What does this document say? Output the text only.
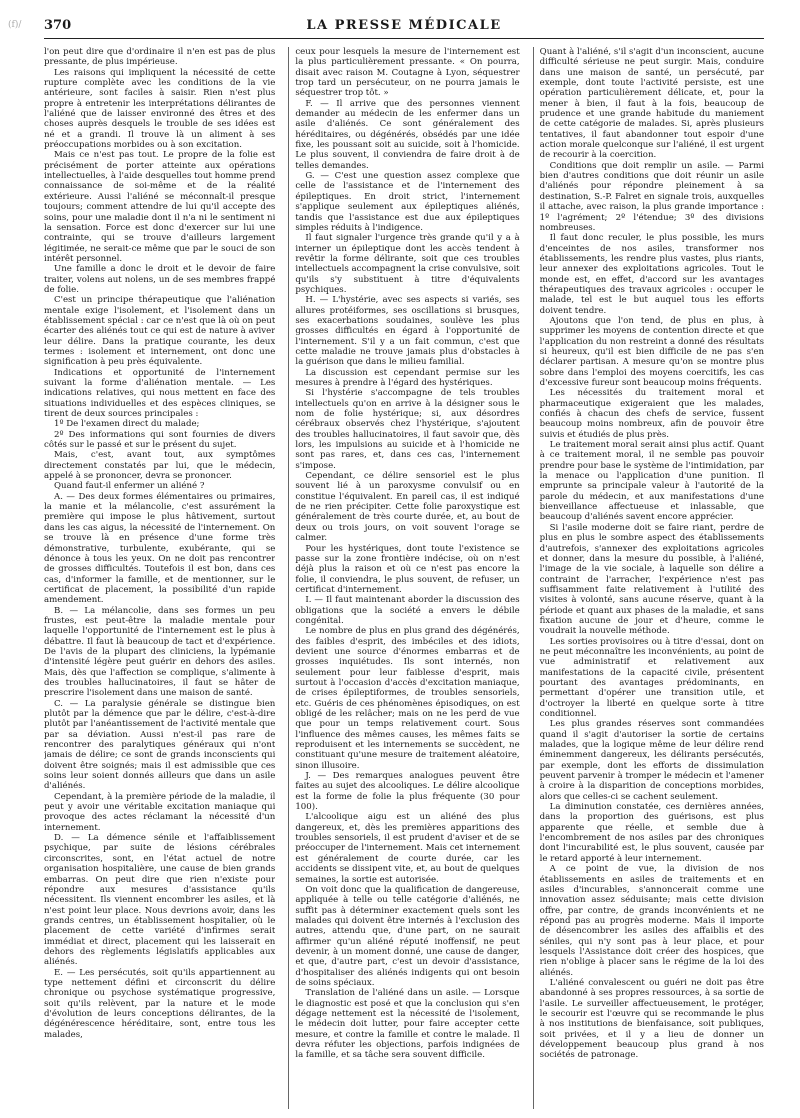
(f)/ 370	LA PRESSE MÉDICALE

l'on peut dire que d'ordinaire il n'en est pas de plus pressante, de plus impérieuse.

Les raisons qui impliquent la nécessité de cette rupture complète avec les conditions de la vie antérieure, sont faciles à saisir. Rien n'est plus propre à entretenir les interprétations délirantes de l'aliéné que de laisser environné des êtres et des choses auprès desquels le trouble de ses idées est né et a grandi. Il trouve là un aliment à ses préoccupations morbides ou à son excitation.

Mais ce n'est pas tout. Le propre de la folie est précisément de porter atteinte aux opérations intellectuelles, à l'aide desquelles tout homme prend connaissance de soi-même et de la réalité extérieure. Aussi l'aliéné se méconnaît-il presque toujours; comment attendre de lui qu'il accepte des soins, pour une maladie dont il n'a ni le sentiment ni la sensation. Force est donc d'exercer sur lui une contrainte, qui se trouve d'ailleurs largement légitimée, ne serait-ce même que par le souci de son intérêt personnel.

Une famille a donc le droit et le devoir de faire traiter, volens aut nolens, un de ses membres frappé de folie.

C'est un principe thérapeutique que l'aliénation mentale exige l'isolement, et l'isolement dans un établissement spécial : car ce n'est que là où on peut écarter des aliénés tout ce qui est de nature à aviver leur délire. Dans la pratique courante, les deux termes : isolement et internement, ont donc une signification à peu près équivalente.

Indications et opportunité de l'internement suivant la forme d'aliénation mentale. — Les indications relatives, qui nous mettent en face des situations individuelles et des espèces cliniques, se tirent de deux sources principales :

1º De l'examen direct du malade;

2º Des informations qui sont fournies de divers côtés sur le passé et sur le présent du sujet.

Mais, c'est, avant tout, aux symptômes directement constatés par lui, que le médecin, appelé à se prononcer, devra se prononcer.

Quand faut-il enfermer un aliéné ?

A. — Des deux formes élémentaires ou primaires, la manie et la mélancolie, c'est assurément la première qui impose le plus hâtivement, surtout dans les cas aigus, la nécessité de l'internement. On se trouve là en présence d'une forme très démonstrative, turbulente, exubérante, qui se dénonce à tous les yeux. On ne doit pas rencontrer de grosses difficultés. Toutefois il est bon, dans ces cas, d'informer la famille, et de mentionner, sur le certificat de placement, la possibilité d'un rapide amendement.

B. — La mélancolie, dans ses formes un peu frustes, est peut-être la maladie mentale pour laquelle l'opportunité de l'internement est le plus à débattre. Il faut là beaucoup de tact et d'expérience. De l'avis de la plupart des cliniciens, la lypémanie d'intensité légère peut guérir en dehors des asiles. Mais, dès que l'affection se complique, s'alimente à des troubles hallucinatoires, il faut se hâter de prescrire l'isolement dans une maison de santé.

C. — La paralysie générale se distingue bien plutôt par la démence que par le délire, c'est-à-dire plutôt par l'anéantissement de l'activité mentale que par sa déviation. Aussi n'est-il pas rare de rencontrer des paralytiques généraux qui n'ont jamais de délire; ce sont de grands inconscients qui doivent être soignés; mais il est admissible que ces soins leur soient donnés ailleurs que dans un asile d'aliénés.

Cependant, à la première période de la maladie, il peut y avoir une véritable excitation maniaque qui provoque des actes réclamant la nécessité d'un internement.

D. — La démence sénile et l'affaiblissement psychique, par suite de lésions cérébrales circonscrites, sont, en l'état actuel de notre organisation hospitalière, une cause de bien grands embarras. On peut dire que rien n'existe pour répondre aux mesures d'assistance qu'ils nécessitent. Ils viennent encombrer les asiles, et là n'est point leur place. Nous devrions avoir, dans les grands centres, un établissement hospitalier, où le placement de cette variété d'infirmes serait immédiat et direct, placement qui les laisserait en dehors des règlements législatifs applicables aux aliénés.

E. — Les persécutés, soit qu'ils appartiennent au type nettement défini et circonscrit du délire chronique ou psychose systématique progressive, soit qu'ils relèvent, par la nature et le mode d'évolution de leurs conceptions délirantes, de la dégénérescence héréditaire, sont, entre tous les malades,

ceux pour lesquels la mesure de l'internement est la plus particulièrement pressante. « On pourra, disait avec raison M. Coutagne à Lyon, séquestrer trop tard un persécuteur, on ne pourra jamais le séquestrer trop tôt. »

F. — Il arrive que des personnes viennent demander au médecin de les enfermer dans un asile d'aliénés. Ce sont généralement des héréditaires, ou dégénérés, obsédés par une idée fixe, les poussant soit au suicide, soit à l'homicide. Le plus souvent, il conviendra de faire droit à de telles demandes.

G. — C'est une question assez complexe que celle de l'assistance et de l'internement des épileptiques. En droit strict, l'internement s'applique seulement aux épileptiques aliénés, tandis que l'assistance est due aux épileptiques simples réduits à l'indigence.

Il faut signaler l'urgence très grande qu'il y a à interner un épileptique dont les accès tendent à revêtir la forme délirante, soit que ces troubles intellectuels accompagnent la crise convulsive, soit qu'ils s'y substituent à titre d'équivalents psychiques.

H. — L'hystérie, avec ses aspects si variés, ses allures protéiformes, ses oscillations si brusques, ses exacerbations soudaines, soulève les plus grosses difficultés en égard à l'opportunité de l'internement. S'il y a un fait commun, c'est que cette maladie ne trouve jamais plus d'obstacles à la guérison que dans le milieu familial.

La discussion est cependant permise sur les mesures à prendre à l'égard des hystériques.

Si l'hystérie s'accompagne de tels troubles intellectuels qu'on en arrive à la désigner sous le nom de folie hystérique; si, aux désordres cérébraux observés chez l'hystérique, s'ajoutent des troubles hallucinatoires, il faut savoir que, dès lors, les impulsions au suicide et à l'homicide ne sont pas rares, et, dans ces cas, l'internement s'impose.

Cependant, ce délire sensoriel est le plus souvent lié à un paroxysme convulsif ou en constitue l'équivalent. En pareil cas, il est indiqué de ne rien précipiter. Cette folie paroxystique est généralement de très courte durée, et, au bout de deux ou trois jours, on voit souvent l'orage se calmer.

Pour les hystériques, dont toute l'existence se passe sur la zone frontière indécise, où on n'est déjà plus la raison et où ce n'est pas encore la folie, il conviendra, le plus souvent, de refuser, un certificat d'internement.

I. — Il faut maintenant aborder la discussion des obligations que la société a envers le débile congénital.

Le nombre de plus en plus grand des dégénérés, des faibles d'esprit, des imbéciles et des idiots, devient une source d'énormes embarras et de grosses inquiétudes. Ils sont internés, non seulement pour leur faiblesse d'esprit, mais surtout à l'occasion d'accès d'excitation maniaque, de crises épileptiformes, de troubles sensoriels, etc. Guéris de ces phénomènes épisodiques, on est obligé de les relâcher; mais on ne les perd de vue que pour un temps relativement court. Sous l'influence des mêmes causes, les mêmes faits se reproduisent et les internements se succèdent, ne constituant qu'une mesure de traitement aléatoire, sinon illusoire.

J. — Des remarques analogues peuvent être faites au sujet des alcooliques. Le délire alcoolique est la forme de folie la plus fréquente (30 pour 100).

L'alcoolique aigu est un aliéné des plus dangereux, et, dès les premières apparitions des troubles sensoriels, il est prudent d'aviser et de se préoccuper de l'internement. Mais cet internement est généralement de courte durée, car les accidents se dissipent vite, et, au bout de quelques semaines, la sortie est autorisée.

On voit donc que la qualification de dangereuse, appliquée à telle ou telle catégorie d'aliénés, ne suffit pas à déterminer exactement quels sont les malades qui doivent être internés à l'exclusion des autres, attendu que, d'une part, on ne saurait affirmer qu'un aliéné réputé inoffensif, ne peut devenir, à un moment donné, une cause de danger, et que, d'autre part, c'est un devoir d'assistance, d'hospitaliser des aliénés indigents qui ont besoin de soins spéciaux.

Translation de l'aliéné dans un asile. — Lorsque le diagnostic est posé et que la conclusion qui s'en dégage nettement est la nécessité de l'isolement, le médecin doit lutter, pour faire accepter cette mesure, et contre la famille et contre le malade. Il devra réfuter les objections, parfois indignées de la famille, et sa tâche sera souvent difficile.

Quant à l'aliéné, s'il s'agit d'un inconscient, aucune difficulté sérieuse ne peut surgir. Mais, conduire dans une maison de santé, un persécuté, par exemple, dont toute l'activité persiste, est une opération particulièrement délicate, et, pour la mener à bien, il faut à la fois, beaucoup de prudence et une grande habitude du maniement de cette catégorie de malades. Si, après plusieurs tentatives, il faut abandonner tout espoir d'une action morale quelconque sur l'aliéné, il est urgent de recourir à la coercition.

Conditions que doit remplir un asile. — Parmi bien d'autres conditions que doit réunir un asile d'aliénés pour répondre pleinement à sa destination, S.-P. Falret en signale trois, auxquelles il attache, avec raison, la plus grande importance : 1º l'agrément; 2º l'étendue; 3º des divisions nombreuses.

Il faut donc reculer, le plus possible, les murs d'enceintes de nos asiles, transformer nos établissements, les rendre plus vastes, plus riants, leur annexer des exploitations agricoles. Tout le monde est, en effet, d'accord sur les avantages thérapeutiques des travaux agricoles : occuper le malade, tel est le but auquel tous les efforts doivent tendre.

Ajoutons que l'on tend, de plus en plus, à supprimer les moyens de contention directe et que l'application du non restreint a donné des résultats si heureux, qu'il est bien difficile de ne pas s'en déclarer partisan. A mesure qu'on se montre plus sobre dans l'emploi des moyens coercitifs, les cas d'excessive fureur sont beaucoup moins fréquents.

Les nécessités du traitement moral et pharmaceutique exigeraient que les malades, confiés à chacun des chefs de service, fussent beaucoup moins nombreux, afin de pouvoir être suivis et étudiés de plus près.

Le traitement moral serait ainsi plus actif. Quant à ce traitement moral, il ne semble pas pouvoir prendre pour base le système de l'intimidation, par la menace ou l'application d'une punition. Il emprunte sa principale valeur à l'autorité de la parole du médecin, et aux manifestations d'une bienveillance affectueuse et inlassable, que beaucoup d'aliénés savent encore apprécier.

Si l'asile moderne doit se faire riant, perdre de plus en plus le sombre aspect des établissements d'autrefois, s'annexer des exploitations agricoles et donner, dans la mesure du possible, à l'aliéné, l'image de la vie sociale, à laquelle son délire a contraint de l'arracher, l'expérience n'est pas suffisamment faite relativement à l'utilité des visites à volonté, sans aucune réserve, quant à la période et quant aux phases de la maladie, et sans fixation aucune de jour et d'heure, comme le voudrait la nouvelle méthode.

Les sorties provisoires ou à titre d'essai, dont on ne peut méconnaître les inconvénients, au point de vue administratif et relativement aux manifestations de la capacité civile, présentent pourtant des avantages prédominants, en permettant d'opérer une transition utile, et d'octroyer la liberté en quelque sorte à titre conditionnel.

Les plus grandes réserves sont commandées quand il s'agit d'autoriser la sortie de certains malades, que la logique même de leur délire rend éminemment dangereux, les délirants persécutés, par exemple, dont les efforts de dissimulation peuvent parvenir à tromper le médecin et l'amener à croire à la disparition de conceptions morbides, alors que celles-ci se cachent seulement.

La diminution constatée, ces dernières années, dans la proportion des guérisons, est plus apparente que réelle, et semble due à l'encombrement de nos asiles par des chroniques dont l'incurabilité est, le plus souvent, causée par le retard apporté à leur internement.

A ce point de vue, la division de nos établissements en asiles de traitements et en asiles d'incurables, s'annoncerait comme une innovation assez séduisante; mais cette division offre, par contre, de grands inconvénients et ne répond pas au progrès moderne. Mais il importe de désencombrer les asiles des affaiblis et des séniles, qui n'y sont pas à leur place, et pour lesquels l'Assistance doit créer des hospices, que rien n'oblige à placer sans le régime de la loi des aliénés.

L'aliéné convalescent ou guéri ne doit pas être abandonné à ses propres ressources, à sa sortie de l'asile. Le surveiller affectueusement, le protéger, le secourir est l'œuvre qui se recommande le plus à nos institutions de bienfaisance, soit publiques, soit privées, et il y a lieu de donner un développement beaucoup plus grand à nos sociétés de patronage.
